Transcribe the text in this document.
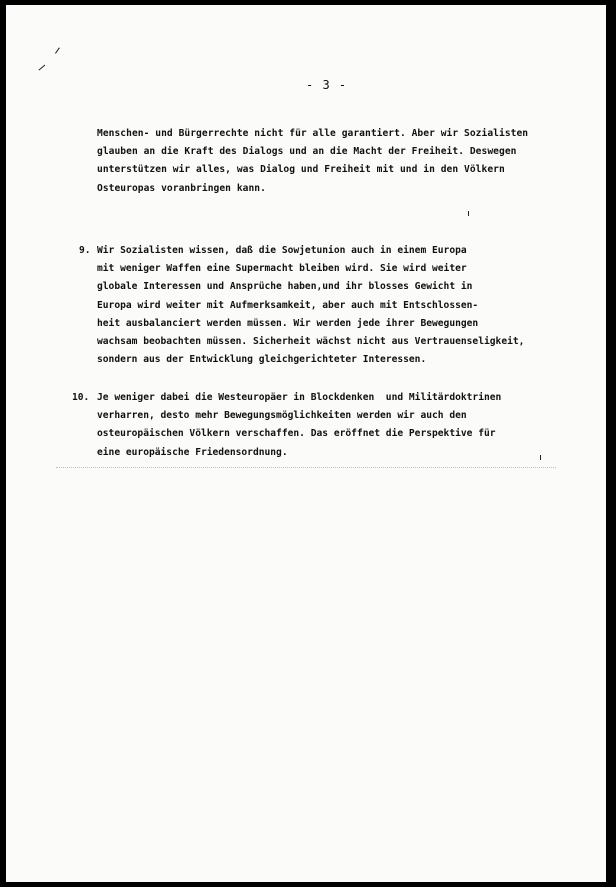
- 3 -
Menschen- und Bürgerrechte nicht für alle garantiert. Aber wir Sozialisten
glauben an die Kraft des Dialogs und an die Macht der Freiheit. Deswegen
unterstützen wir alles, was Dialog und Freiheit mit und in den Völkern
Osteuropas voranbringen kann.
9. Wir Sozialisten wissen, daß die Sowjetunion auch in einem Europa
mit weniger Waffen eine Supermacht bleiben wird. Sie wird weiter
globale Interessen und Ansprüche haben,und ihr blosses Gewicht in
Europa wird weiter mit Aufmerksamkeit, aber auch mit Entschlossen-
heit ausbalanciert werden müssen. Wir werden jede ihrer Bewegungen
wachsam beobachten müssen. Sicherheit wächst nicht aus Vertrauenseligkeit,
sondern aus der Entwicklung gleichgerichteter Interessen.
10. Je weniger dabei die Westeuropäer in Blockdenken  und Militärdoktrinen
verharren, desto mehr Bewegungsmöglichkeiten werden wir auch den
osteuropäischen Völkern verschaffen. Das eröffnet die Perspektive für
eine europäische Friedensordnung.
